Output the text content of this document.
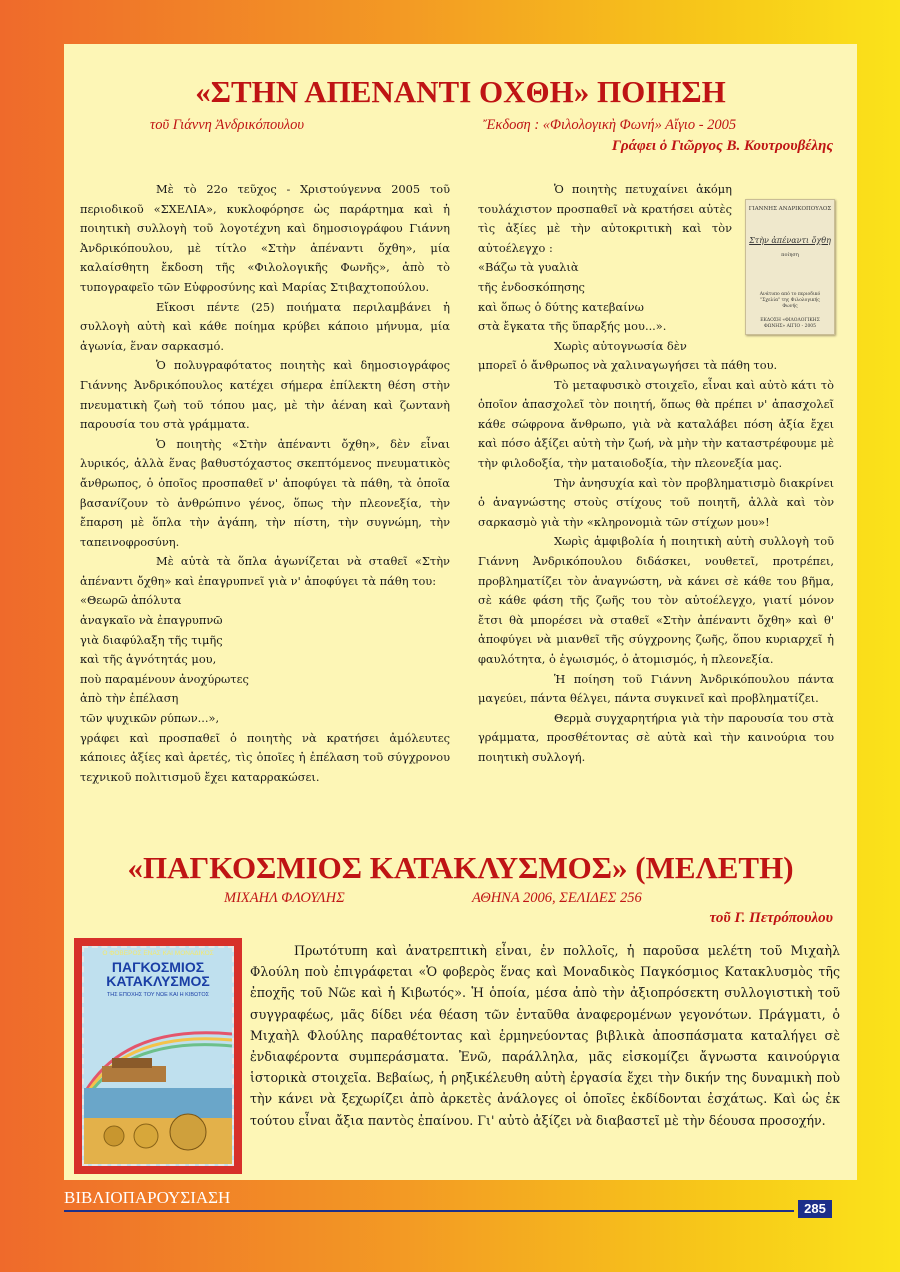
«ΣΤΗΝ ΑΠΕΝΑΝΤΙ ΟΧΘΗ» ΠΟΙΗΣΗ
τοῦ Γιάννη Ἀνδρικόπουλου	Ἔκδοση : «Φιλολογικὴ Φωνή» Αἴγιο - 2005
Γράφει ὁ Γιῶργος Β. Κουτρουβέλης

Μὲ τὸ 22ο τεῦχος - Χριστούγεννα 2005 τοῦ περιοδικοῦ «ΣΧΕΛΙΑ», κυκλοφόρησε ὡς παράρτημα καὶ ἡ ποιητικὴ συλλογὴ τοῦ λογοτέχνη καὶ δημοσιογράφου Γιάννη Ἀνδρικόπουλου, μὲ τίτλο «Στὴν ἀπέναντι ὄχθη», μία καλαίσθητη ἔκδοση τῆς «Φιλολογικῆς Φωνῆς», ἀπὸ τὸ τυπογραφεῖο τῶν Εὐφροσύνης καὶ Μαρίας Στιβαχτοπούλου.

Εἴκοσι πέντε (25) ποιήματα περιλαμβάνει ἡ συλλογὴ αὐτὴ καὶ κάθε ποίημα κρύβει κάποιο μήνυμα, μία ἀγωνία, ἕναν σαρκασμό.

Ὁ πολυγραφότατος ποιητὴς καὶ δημοσιογράφος Γιάννης Ἀνδρικόπουλος κατέχει σήμερα ἐπίλεκτη θέση στὴν πνευματικὴ ζωὴ τοῦ τόπου μας, μὲ τὴν ἀέναη καὶ ζωντανὴ παρουσία του στὰ γράμματα.

Ὁ ποιητὴς «Στὴν ἀπέναντι ὄχθη», δὲν εἶναι λυρικός, ἀλλὰ ἕνας βαθυστόχαστος σκεπτόμενος πνευματικὸς ἄνθρωπος, ὁ ὁποῖος προσπαθεῖ ν' ἀποφύγει τὰ πάθη, τὰ ὁποῖα βασανίζουν τὸ ἀνθρώπινο γένος, ὅπως τὴν πλεονεξία, τὴν ἔπαρση μὲ ὅπλα τὴν ἀγάπη, τὴν πίστη, τὴν συγνώμη, τὴν ταπεινοφροσύνη.

Μὲ αὐτὰ τὰ ὅπλα ἀγωνίζεται νὰ σταθεῖ «Στὴν ἀπέναντι ὄχθη» καὶ ἐπαγρυπνεῖ γιὰ ν' ἀποφύγει τὰ πάθη του:

«Θεωρῶ ἀπόλυτα

ἀναγκαῖο νὰ ἐπαγρυπνῶ

γιὰ διαφύλαξη τῆς τιμῆς

καὶ τῆς ἁγνότητάς μου,

ποὺ παραμένουν ἀνοχύρωτες

ἀπὸ τὴν ἐπέλαση

τῶν ψυχικῶν ρύπων...»,

γράφει καὶ προσπαθεῖ ὁ ποιητὴς νὰ κρατήσει ἀμόλευτες κάποιες ἀξίες καὶ ἀρετές, τὶς ὁποῖες ἡ ἐπέλαση τοῦ σύγχρονου τεχνικοῦ πολιτισμοῦ ἔχει καταρρακώσει.

Ὁ ποιητὴς πετυχαίνει ἀκόμη τουλάχιστον προσπαθεῖ νὰ κρατήσει αὐτὲς τὶς ἀξίες μὲ τὴν αὐτοκριτικὴ καὶ τὸν αὐτοέλεγχο :

«Βάζω τὰ γυαλιὰ

τῆς ἐνδοσκόπησης

καὶ ὅπως ὁ δύτης κατεβαίνω

στὰ ἔγκατα τῆς ὕπαρξής μου...».

Χωρὶς αὐτογνωσία δὲν

ΓΙΑΝΝΗΣ ΑΝΔΡΙΚΟΠΟΥΛΟΣ
Στὴν ἀπέναντι ὄχθη
ποίηση
Ανάτυπο από το περιοδικό "Σχελία" της Φιλολογικής Φωνής
ΕΚΔΟΣΗ «ΦΙΛΟΛΟΓΙΚΗΣ ΦΩΝΗΣ» ΑΙΓΙΟ - 2005

μπορεῖ ὁ ἄνθρωπος νὰ χαλιναγωγήσει τὰ πάθη του.

Τὸ μεταφυσικὸ στοιχεῖο, εἶναι καὶ αὐτὸ κάτι τὸ ὁποῖον ἀπασχολεῖ τὸν ποιητή, ὅπως θὰ πρέπει ν' ἀπασχολεῖ κάθε σώφρονα ἄνθρωπο, γιὰ νὰ καταλάβει πόση ἀξία ἔχει καὶ πόσο ἀξίζει αὐτὴ τὴν ζωή, νὰ μὴν τὴν καταστρέφουμε μὲ τὴν φιλοδοξία, τὴν ματαιοδοξία, τὴν πλεονεξία μας.

Τὴν ἀνησυχία καὶ τὸν προβληματισμὸ διακρίνει ὁ ἀναγνώστης στοὺς στίχους τοῦ ποιητῆ, ἀλλὰ καὶ τὸν σαρκασμὸ γιὰ τὴν «κληρονομιὰ τῶν στίχων μου»!

Χωρὶς ἀμφιβολία ἡ ποιητικὴ αὐτὴ συλλογὴ τοῦ Γιάννη Ἀνδρικόπουλου διδάσκει, νουθετεῖ, προτρέπει, προβληματίζει τὸν ἀναγνώστη, νὰ κάνει σὲ κάθε του βῆμα, σὲ κάθε φάση τῆς ζωῆς του τὸν αὐτοέλεγχο, γιατί μόνον ἔτσι θὰ μπορέσει νὰ σταθεῖ «Στὴν ἀπέναντι ὄχθη» καὶ θ' ἀποφύγει νὰ μιανθεῖ τῆς σύγχρονης ζωῆς, ὅπου κυριαρχεῖ ἡ φαυλότητα, ὁ ἐγωισμός, ὁ ἀτομισμός, ἡ πλεονεξία.

Ἡ ποίηση τοῦ Γιάννη Ἀνδρικόπουλου πάντα μαγεύει, πάντα θέλγει, πάντα συγκινεῖ καὶ προβληματίζει.

Θερμὰ συγχαρητήρια γιὰ τὴν παρουσία του στὰ γράμματα, προσθέτοντας σὲ αὐτὰ καὶ τὴν καινούρια του ποιητικὴ συλλογή.

«ΠΑΓΚΟΣΜΙΟΣ ΚΑΤΑΚΛΥΣΜΟΣ» (ΜΕΛΕΤΗ)
ΜΙΧΑΗΛ ΦΛΟΥΛΗΣ	ΑΘΗΝΑ 2006, ΣΕΛΙΔΕΣ 256
τοῦ Γ. Πετρόπουλου
Ο ΦΟΒΕΡΟΣ ΕΝΑΣ ΚΑΙ ΜΟΝΑΔΙΚΟΣ
ΠΑΓΚΟΣΜΙΟΣ ΚΑΤΑΚΛΥΣΜΟΣ
ΤΗΣ ΕΠΟΧΗΣ ΤΟΥ ΝΩΕ ΚΑΙ Η ΚΙΒΩΤΟΣ

Πρωτότυπη καὶ ἀνατρεπτικὴ εἶναι, ἐν πολλοῖς, ἡ παροῦσα μελέτη τοῦ Μιχαὴλ Φλούλη ποὺ ἐπιγράφεται «Ὁ φοβερὸς ἕνας καὶ Μοναδικὸς Παγκόσμιος Κατακλυσμὸς τῆς ἐποχῆς τοῦ Νῶε καὶ ἡ Κιβωτός». Ἡ ὁποία, μέσα ἀπὸ τὴν ἀξιοπρόσεκτη συλλογιστικὴ τοῦ συγγραφέως, μᾶς δίδει νέα θέαση τῶν ἐνταῦθα ἀναφερομένων γεγονότων. Πράγματι, ὁ Μιχαὴλ Φλούλης παραθέτοντας καὶ ἑρμηνεύοντας βιβλικὰ ἀποσπάσματα καταλήγει σὲ ἐνδιαφέροντα συμπεράσματα. Ἐνῶ, παράλληλα, μᾶς εἰσκομίζει ἄγνωστα καινούργια ἱστορικὰ στοιχεῖα. Βεβαίως, ἡ ρηξικέλευθη αὐτὴ ἐργασία ἔχει τὴν δικήν της δυναμικὴ ποὺ τὴν κάνει νὰ ξεχωρίζει ἀπὸ ἀρκετὲς ἀνάλογες οἱ ὁποῖες ἐκδίδονται ἐσχάτως. Καὶ ὡς ἐκ τούτου εἶναι ἄξια παντὸς ἐπαίνου. Γι' αὐτὸ ἀξίζει νὰ διαβαστεῖ μὲ τὴν δέουσα προσοχήν.

ΒΙΒΛΙΟΠΑΡΟΥΣΙΑΣΗ
285
